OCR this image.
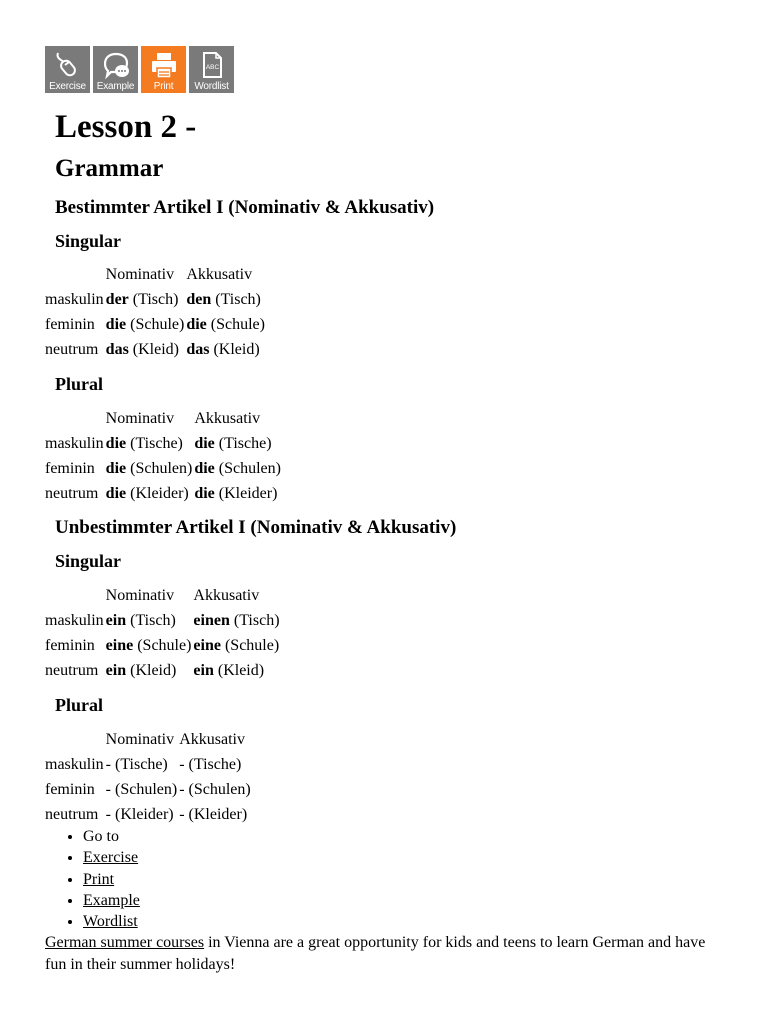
Exercise	Example	Print
ABC
Wordlist
Lesson 2 -
Grammar
Bestimmter Artikel I (Nominativ & Akkusativ)
Singular
	Nominativ	Akkusativ
maskulin	der (Tisch)	den (Tisch)
feminin	die (Schule)	die (Schule)
neutrum	das (Kleid)	das (Kleid)
Plural
	Nominativ	Akkusativ
maskulin	die (Tische)	die (Tische)
feminin	die (Schulen)	die (Schulen)
neutrum	die (Kleider)	die (Kleider)
Unbestimmter Artikel I (Nominativ & Akkusativ)
Singular
	Nominativ	Akkusativ
maskulin	ein (Tisch)	einen (Tisch)
feminin	eine (Schule)	eine (Schule)
neutrum	ein (Kleid)	ein (Kleid)
Plural
	Nominativ	Akkusativ
maskulin	- (Tische)	- (Tische)
feminin	- (Schulen)	- (Schulen)
neutrum	- (Kleider)	- (Kleider)
• Go to
• Exercise
• Print
• Example
• Wordlist

German summer courses in Vienna are a great opportunity for kids and teens to learn German and have fun in their summer holidays!
